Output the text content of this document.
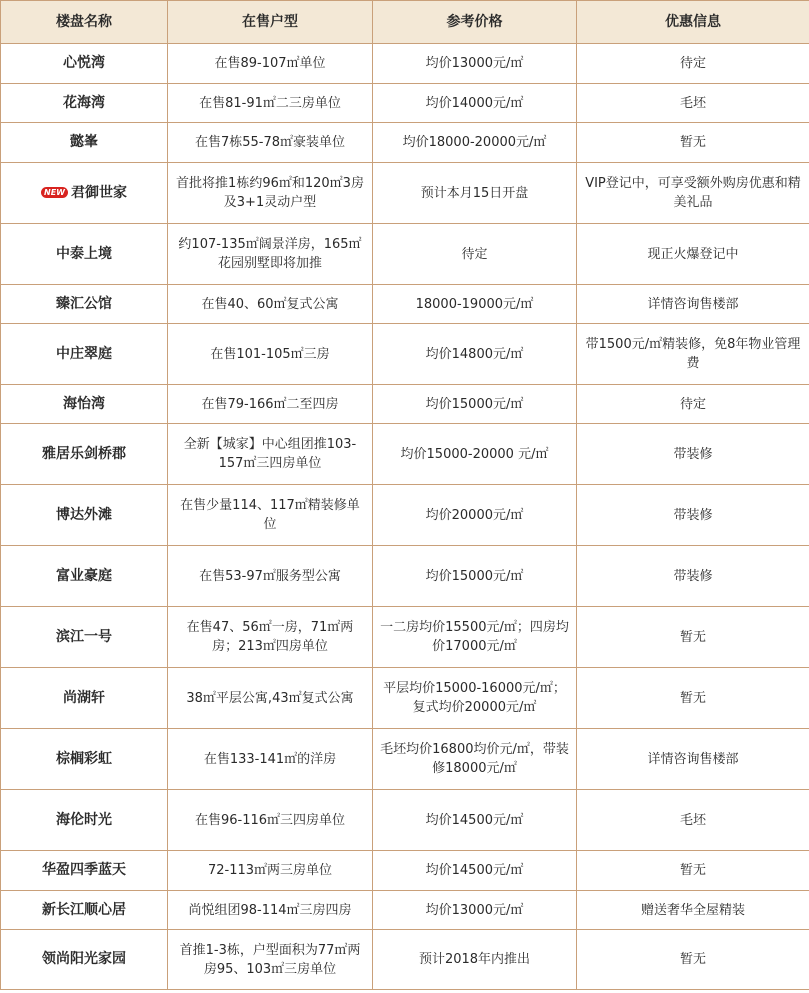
楼盘名称	在售户型	参考价格	优惠信息
心悦湾	在售89-107㎡单位	均价13000元/㎡	待定
花海湾	在售81-91㎡二三房单位	均价14000元/㎡	毛坯
懿峯	在售7栋55-78㎡豪装单位	均价18000-20000元/㎡	暂无
NEW 君御世家	首批将推1栋约96㎡和120㎡3房及3+1灵动户型	预计本月15日开盘	VIP登记中，可享受额外购房优惠和精美礼品
中泰上境	约107-135㎡阔景洋房，165㎡花园别墅即将加推	待定	现正火爆登记中
臻汇公馆	在售40、60㎡复式公寓	18000-19000元/㎡	详情咨询售楼部
中庄翠庭	在售101-105㎡三房	均价14800元/㎡	带1500元/㎡精装修，免8年物业管理费
海怡湾	在售79-166㎡二至四房	均价15000元/㎡	待定
雅居乐剑桥郡	全新【城家】中心组团推103-157㎡三四房单位	均价15000-20000 元/㎡	带装修
博达外滩	在售少量114、117㎡精装修单位	均价20000元/㎡	带装修
富业豪庭	在售53-97㎡服务型公寓	均价15000元/㎡	带装修
滨江一号	在售47、56㎡一房，71㎡两房；213㎡四房单位	一二房均价15500元/㎡；四房均价17000元/㎡	暂无
尚湖轩	38㎡平层公寓,43㎡复式公寓	平层均价15000-16000元/㎡；复式均价20000元/㎡	暂无
棕榈彩虹	在售133-141㎡的洋房	毛坯均价16800均价元/㎡，带装修18000元/㎡	详情咨询售楼部
海伦时光	在售96-116㎡三四房单位	均价14500元/㎡	毛坯
华盈四季蓝天	72-113㎡两三房单位	均价14500元/㎡	暂无
新长江顺心居	尚悦组团98-114㎡三房四房	均价13000元/㎡	赠送奢华全屋精装
领尚阳光家园	首推1-3栋，户型面积为77㎡两房95、103㎡三房单位	预计2018年内推出	暂无
